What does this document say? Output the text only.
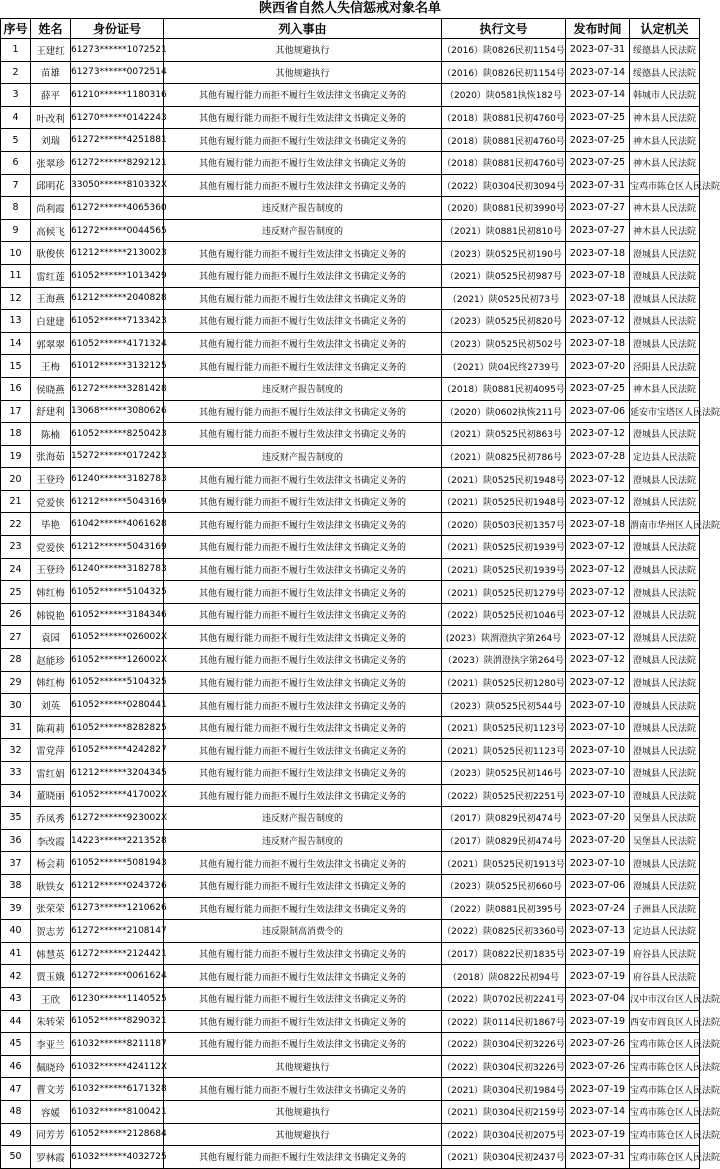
陕西省自然人失信惩戒对象名单
序号	姓名	身份证号	列入事由	执行文号	发布时间	认定机关
1	王建红	61273******1072521	其他规避执行	（2016）陕0826民初1154号	2023-07-31	绥德县人民法院
2	苗雄	61273******0072514	其他规避执行	（2016）陕0826民初1154号	2023-07-14	绥德县人民法院
3	薛平	61210******1180316	其他有履行能力而拒不履行生效法律文书确定义务的	（2020）陕0581执恢182号	2023-07-14	韩城市人民法院
4	叶改利	61270******0142243	其他有履行能力而拒不履行生效法律文书确定义务的	（2018）陕0881民初4760号	2023-07-25	神木县人民法院
5	刘瑞	61272******4251881	其他有履行能力而拒不履行生效法律文书确定义务的	（2018）陕0881民初4760号	2023-07-25	神木县人民法院
6	张翠珍	61272******8292121	其他有履行能力而拒不履行生效法律文书确定义务的	（2018）陕0881民初4760号	2023-07-25	神木县人民法院
7	邱明花	33050******810332X	其他有履行能力而拒不履行生效法律文书确定义务的	（2022）陕0304民初3094号	2023-07-31	宝鸡市陈仓区人民法院
8	尚利霞	61272******4065360	违反财产报告制度的	（2020）陕0881民初3990号	2023-07-27	神木县人民法院
9	高候飞	61272******0044565	违反财产报告制度的	（2021）陕0881民初810号	2023-07-27	神木县人民法院
10	耿俊侠	61212******2130023	其他有履行能力而拒不履行生效法律文书确定义务的	（2023）陕0525民初190号	2023-07-18	澄城县人民法院
11	雷红莲	61052******1013429	其他有履行能力而拒不履行生效法律文书确定义务的	（2021）陕0525民初987号	2023-07-18	澄城县人民法院
12	王海燕	61212******2040828	其他有履行能力而拒不履行生效法律文书确定义务的	（2021）陕0525民初73号	2023-07-18	澄城县人民法院
13	白建建	61052******7133423	其他有履行能力而拒不履行生效法律文书确定义务的	（2023）陕0525民初820号	2023-07-12	澄城县人民法院
14	郭翠翠	61052******4171324	其他有履行能力而拒不履行生效法律文书确定义务的	（2023）陕0525民初502号	2023-07-18	澄城县人民法院
15	王梅	61012******3132125	其他有履行能力而拒不履行生效法律文书确定义务的	（2021）陕04民终2739号	2023-07-20	泾阳县人民法院
16	侯晓燕	61272******3281428	违反财产报告制度的	（2018）陕0881民初4095号	2023-07-25	神木县人民法院
17	舒建利	13068******3080626	其他有履行能力而拒不履行生效法律文书确定义务的	（2020）陕0602执恢211号	2023-07-06	延安市宝塔区人民法院
18	陈楠	61052******8250423	其他有履行能力而拒不履行生效法律文书确定义务的	（2021）陕0525民初863号	2023-07-12	澄城县人民法院
19	张海茹	15272******0172423	违反财产报告制度的	（2021）陕0825民初786号	2023-07-28	定边县人民法院
20	王登玲	61240******3182783	其他有履行能力而拒不履行生效法律文书确定义务的	（2021）陕0525民初1948号	2023-07-12	澄城县人民法院
21	党爱侠	61212******5043169	其他有履行能力而拒不履行生效法律文书确定义务的	（2021）陕0525民初1948号	2023-07-12	澄城县人民法院
22	毕艳	61042******4061628	其他有履行能力而拒不履行生效法律文书确定义务的	（2020）陕0503民初1357号	2023-07-18	渭南市华州区人民法院
23	党爱侠	61212******5043169	其他有履行能力而拒不履行生效法律文书确定义务的	（2021）陕0525民初1939号	2023-07-12	澄城县人民法院
24	王登玲	61240******3182783	其他有履行能力而拒不履行生效法律文书确定义务的	（2021）陕0525民初1939号	2023-07-12	澄城县人民法院
25	韩红梅	61052******5104325	其他有履行能力而拒不履行生效法律文书确定义务的	（2021）陕0525民初1279号	2023-07-12	澄城县人民法院
26	韩锐艳	61052******3184346	其他有履行能力而拒不履行生效法律文书确定义务的	（2022）陕0525民初1046号	2023-07-12	澄城县人民法院
27	袁园	61052******026002X	其他有履行能力而拒不履行生效法律文书确定义务的	(2023）陕渭澄执字第264号	2023-07-12	澄城县人民法院
28	赵能珍	61052******126002X	其他有履行能力而拒不履行生效法律文书确定义务的	（2023）陕渭澄执字第264号	2023-07-12	澄城县人民法院
29	韩红梅	61052******5104325	其他有履行能力而拒不履行生效法律文书确定义务的	（2021）陕0525民初1280号	2023-07-12	澄城县人民法院
30	刘英	61052******0280441	其他有履行能力而拒不履行生效法律文书确定义务的	（2023）陕0525民初544号	2023-07-10	澄城县人民法院
31	陈莉莉	61052******8282825	其他有履行能力而拒不履行生效法律文书确定义务的	（2021）陕0525民初1123号	2023-07-10	澄城县人民法院
32	雷党萍	61052******4242827	其他有履行能力而拒不履行生效法律文书确定义务的	（2021）陕0525民初1123号	2023-07-10	澄城县人民法院
33	雷红娟	61212******3204345	其他有履行能力而拒不履行生效法律文书确定义务的	（2023）陕0525民初146号	2023-07-10	澄城县人民法院
34	董晓丽	61052******417002X	其他有履行能力而拒不履行生效法律文书确定义务的	（2022）陕0525民初2251号	2023-07-10	澄城县人民法院
35	乔凤秀	61272******923002X	违反财产报告制度的	（2017）陕0829民初474号	2023-07-20	吴堡县人民法院
36	李改霞	14223******2213528	违反财产报告制度的	（2017）陕0829民初474号	2023-07-20	吴堡县人民法院
37	杨会莉	61052******5081943	其他有履行能力而拒不履行生效法律文书确定义务的	（2021）陕0525民初1913号	2023-07-10	澄城县人民法院
38	耿铁女	61212******0243726	其他有履行能力而拒不履行生效法律文书确定义务的	（2023）陕0525民初660号	2023-07-06	澄城县人民法院
39	张荣荣	61273******1210626	其他有履行能力而拒不履行生效法律文书确定义务的	（2022）陕0881民初395号	2023-07-24	子洲县人民法院
40	贺志芳	61272******2108147	违反限制高消费令的	（2022）陕0825民初3360号	2023-07-13	定边县人民法院
41	韩慧英	61272******2124421	其他有履行能力而拒不履行生效法律文书确定义务的	（2017）陕0822民初1835号	2023-07-19	府谷县人民法院
42	贾玉娥	61272******0061624	其他有履行能力而拒不履行生效法律文书确定义务的	（2018）陕0822民初94号	2023-07-19	府谷县人民法院
43	王欣	61230******1140525	其他有履行能力而拒不履行生效法律文书确定义务的	（2022）陕0702民初2241号	2023-07-04	汉中市汉台区人民法院
44	朱转荣	61052******8290321	其他有履行能力而拒不履行生效法律文书确定义务的	（2022）陕0114民初1867号	2023-07-19	西安市阎良区人民法院
45	李亚兰	61032******8211187	其他有履行能力而拒不履行生效法律文书确定义务的	（2022）陕0304民初3226号	2023-07-26	宝鸡市陈仓区人民法院
46	佩晓玲	61032******424112X	其他规避执行	（2022）陕0304民初3226号	2023-07-26	宝鸡市陈仓区人民法院
47	曹文芳	61032******6171328	其他有履行能力而拒不履行生效法律文书确定义务的	（2021）陕0304民初1984号	2023-07-19	宝鸡市陈仓区人民法院
48	容媛	61032******8100421	其他规避执行	（2021）陕0304民初2159号	2023-07-14	宝鸡市陈仓区人民法院
49	同芳芳	61052******2128684	其他规避执行	（2022）陕0304民初2075号	2023-07-19	宝鸡市陈仓区人民法院
50	罗林霞	61032******4032725	其他有履行能力而拒不履行生效法律文书确定义务的	（2021）陕0304民初2437号	2023-07-31	宝鸡市陈仓区人民法院
